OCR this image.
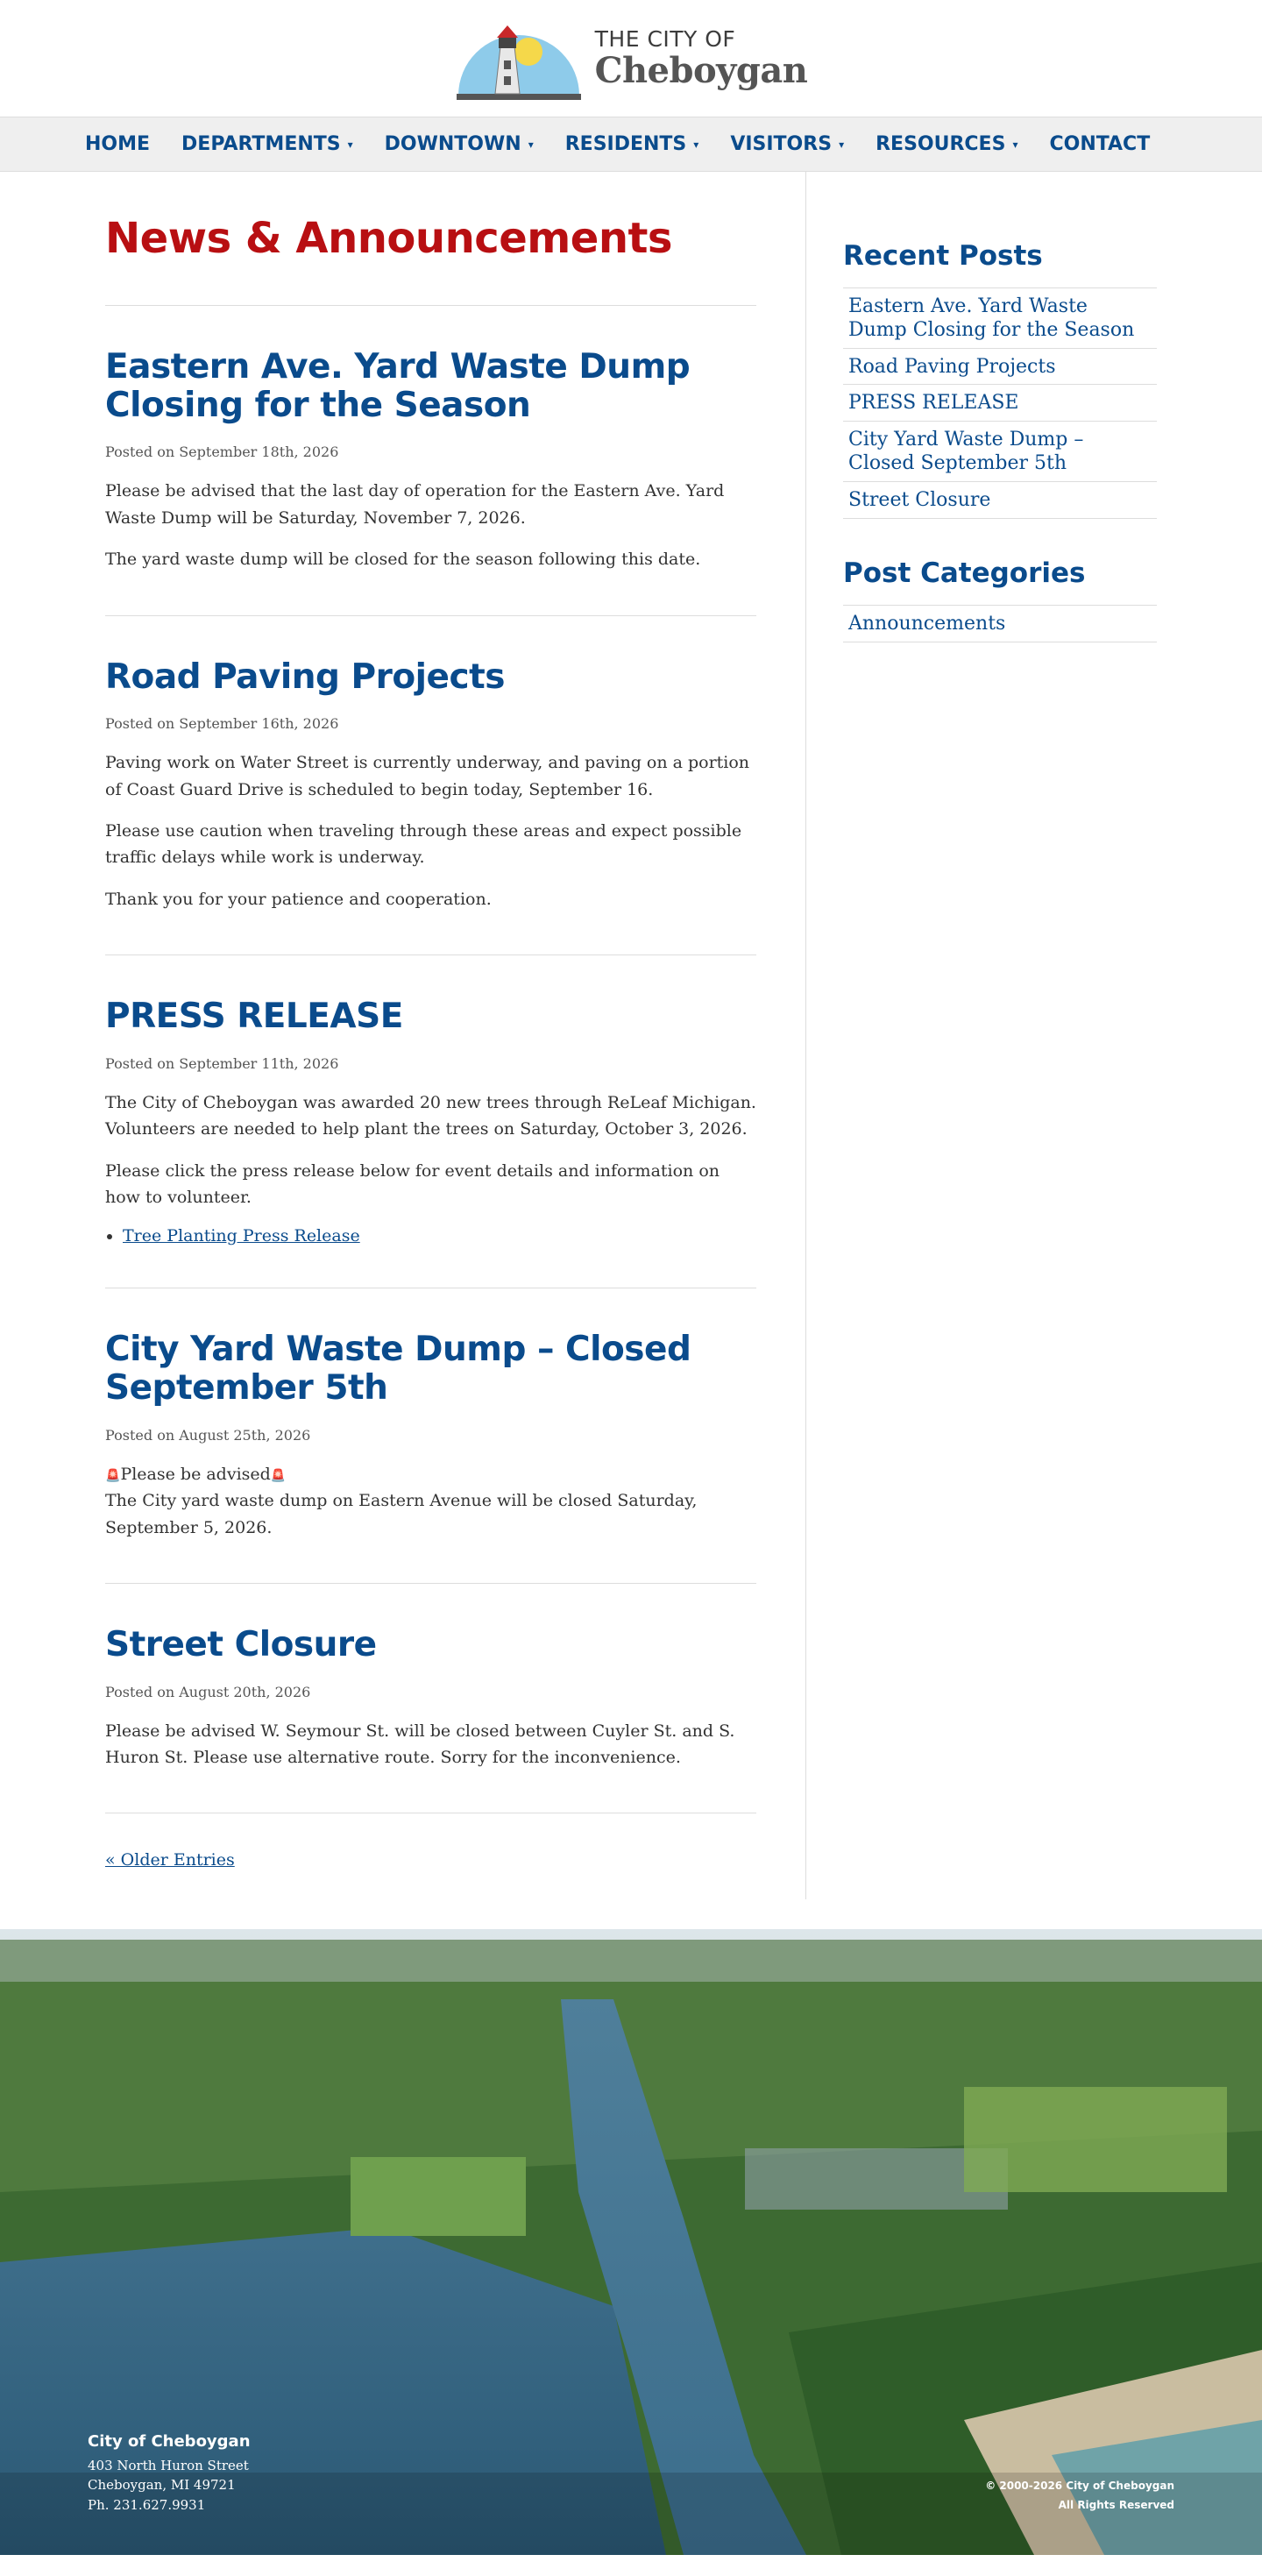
THE CITY OF
Cheboygan
HOME DEPARTMENTS ▾ DOWNTOWN ▾ RESIDENTS ▾ VISITORS ▾ RESOURCES ▾ CONTACT
News & Announcements
Eastern Ave. Yard Waste Dump Closing for the Season
Posted on September 18th, 2026

Please be advised that the last day of operation for the Eastern Ave. Yard Waste Dump will be Saturday, November 7, 2026.

The yard waste dump will be closed for the season following this date.

Road Paving Projects
Posted on September 16th, 2026

Paving work on Water Street is currently underway, and paving on a portion of Coast Guard Drive is scheduled to begin today, September 16.

Please use caution when traveling through these areas and expect possible traffic delays while work is underway.

Thank you for your patience and cooperation.

PRESS RELEASE
Posted on September 11th, 2026

The City of Cheboygan was awarded 20 new trees through ReLeaf Michigan. Volunteers are needed to help plant the trees on Saturday, October 3, 2026.

Please click the press release below for event details and information on how to volunteer.

• Tree Planting Press Release
City Yard Waste Dump – Closed September 5th
Posted on August 25th, 2026

🚨Please be advised🚨
The City yard waste dump on Eastern Avenue will be closed Saturday, September 5, 2026.

Street Closure
Posted on August 20th, 2026

Please be advised W. Seymour St. will be closed between Cuyler St. and S. Huron St. Please use alternative route. Sorry for the inconvenience.

« Older Entries
Recent Posts
Eastern Ave. Yard Waste Dump Closing for the Season
Road Paving Projects
PRESS RELEASE
City Yard Waste Dump – Closed September 5th
Street Closure
Post Categories
Announcements
City of Cheboygan
403 North Huron Street
Cheboygan, MI 49721
Ph. 231.627.9931
© 2000-2026 City of Cheboygan
All Rights Reserved
